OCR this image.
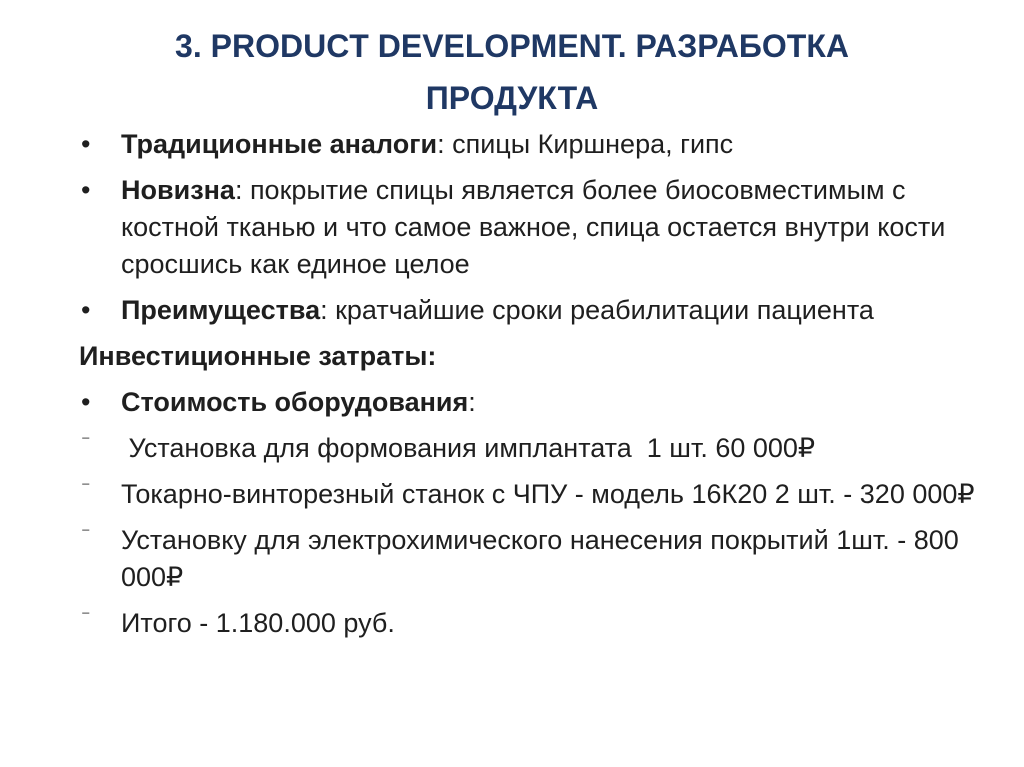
3. PRODUCT DEVELOPMENT. РАЗРАБОТКА
ПРОДУКТА
•	Традиционные аналоги: спицы Киршнера, гипс
•	Новизна: покрытие спицы является более биосовместимым с костной тканью и что самое важное, спица остается внутри кости сросшись как единое целое
•	Преимущества: кратчайшие сроки реабилитации пациента
Инвестиционные затраты:
•	Стоимость оборудования:
⁻	Установка для формования имплантата  1 шт. 60 000₽
⁻	Токарно-винторезный станок с ЧПУ - модель 16К20 2 шт. - 320 000₽
⁻	Установку для электрохимического нанесения покрытий 1шт. - 800 000₽
⁻	Итого - 1.180.000 руб.
